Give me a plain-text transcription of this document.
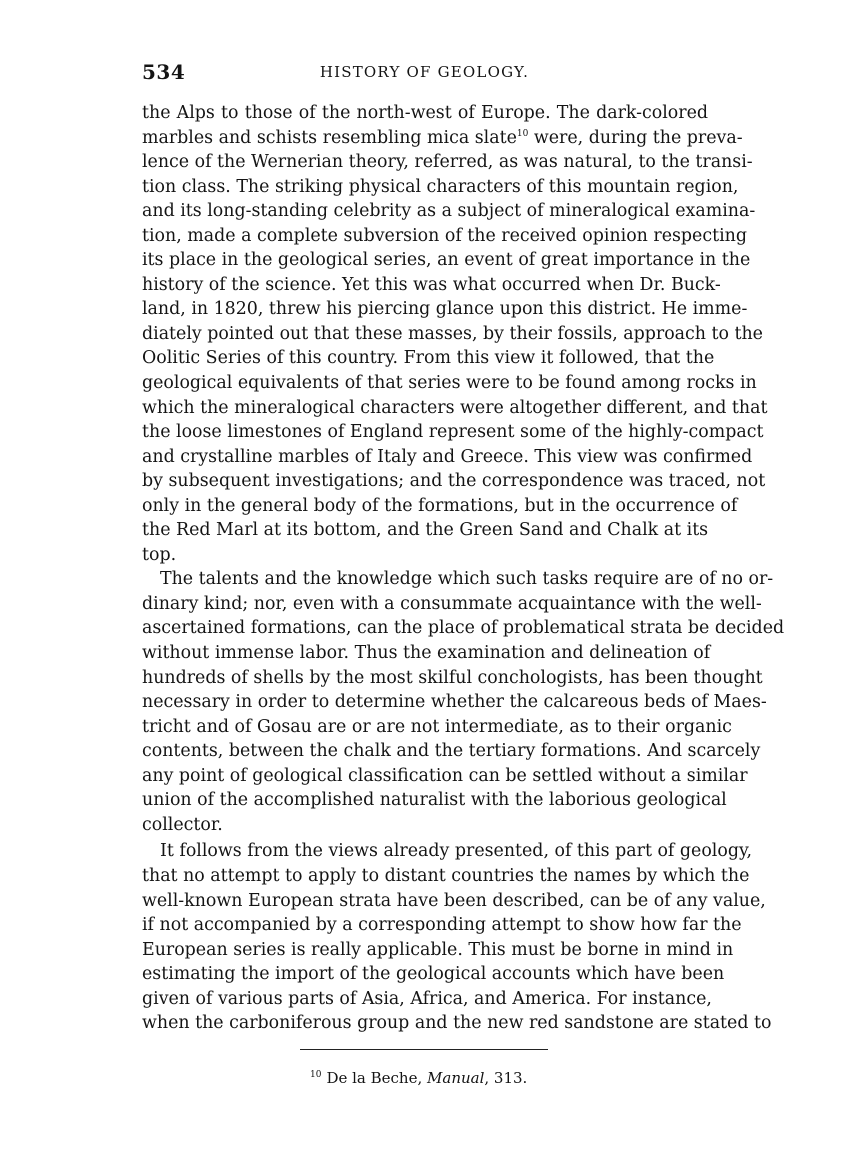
534	HISTORY OF GEOLOGY.
the Alps to those of the north-west of Europe. The dark-colored
marbles and schists resembling mica slate$^{10}$ were, during the preva-
lence of the Wernerian theory, referred, as was natural, to the transi-
tion class. The striking physical characters of this mountain region,
and its long-standing celebrity as a subject of mineralogical examina-
tion, made a complete subversion of the received opinion respecting
its place in the geological series, an event of great importance in the
history of the science. Yet this was what occurred when Dr. Buck-
land, in 1820, threw his piercing glance upon this district. He imme-
diately pointed out that these masses, by their fossils, approach to the
Oolitic Series of this country. From this view it followed, that the
geological equivalents of that series were to be found among rocks in
which the mineralogical characters were altogether different, and that
the loose limestones of England represent some of the highly-compact
and crystalline marbles of Italy and Greece. This view was confirmed
by subsequent investigations; and the correspondence was traced, not
only in the general body of the formations, but in the occurrence of
the Red Marl at its bottom, and the Green Sand and Chalk at its
top.
The talents and the knowledge which such tasks require are of no or-
dinary kind; nor, even with a consummate acquaintance with the well-
ascertained formations, can the place of problematical strata be decided
without immense labor. Thus the examination and delineation of
hundreds of shells by the most skilful conchologists, has been thought
necessary in order to determine whether the calcareous beds of Maes-
tricht and of Gosau are or are not intermediate, as to their organic
contents, between the chalk and the tertiary formations. And scarcely
any point of geological classification can be settled without a similar
union of the accomplished naturalist with the laborious geological
collector.
It follows from the views already presented, of this part of geology,
that no attempt to apply to distant countries the names by which the
well-known European strata have been described, can be of any value,
if not accompanied by a corresponding attempt to show how far the
European series is really applicable. This must be borne in mind in
estimating the import of the geological accounts which have been
given of various parts of Asia, Africa, and America. For instance,
when the carboniferous group and the new red sandstone are stated to
$^{10}$ De la Beche, Manual, 313.
